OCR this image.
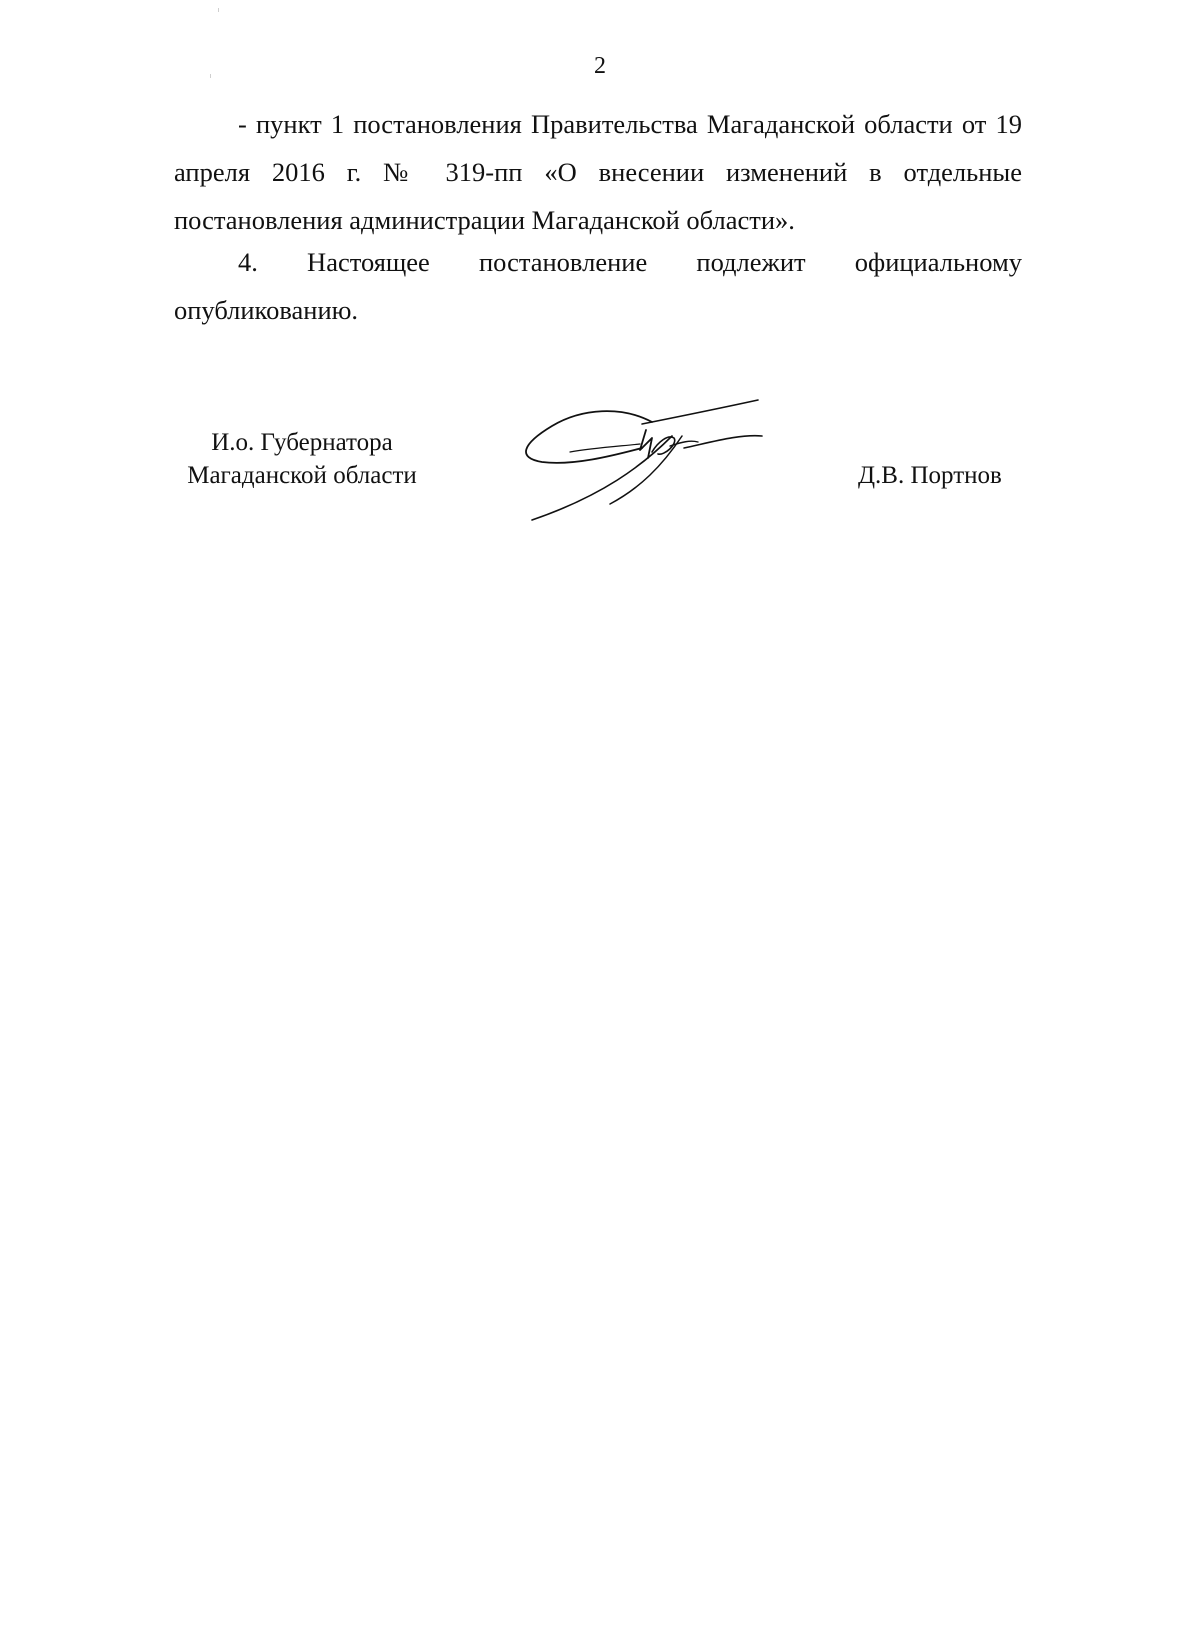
2

- пункт 1 постановления Правительства Магаданской области от 19 апреля 2016 г. № 319-пп «О внесении изменений в отдельные постановления администрации Магаданской области».

4. Настоящее постановление подлежит официальному опубликованию.

И.о. Губернатора
Магаданской области	Д.В. Портнов
